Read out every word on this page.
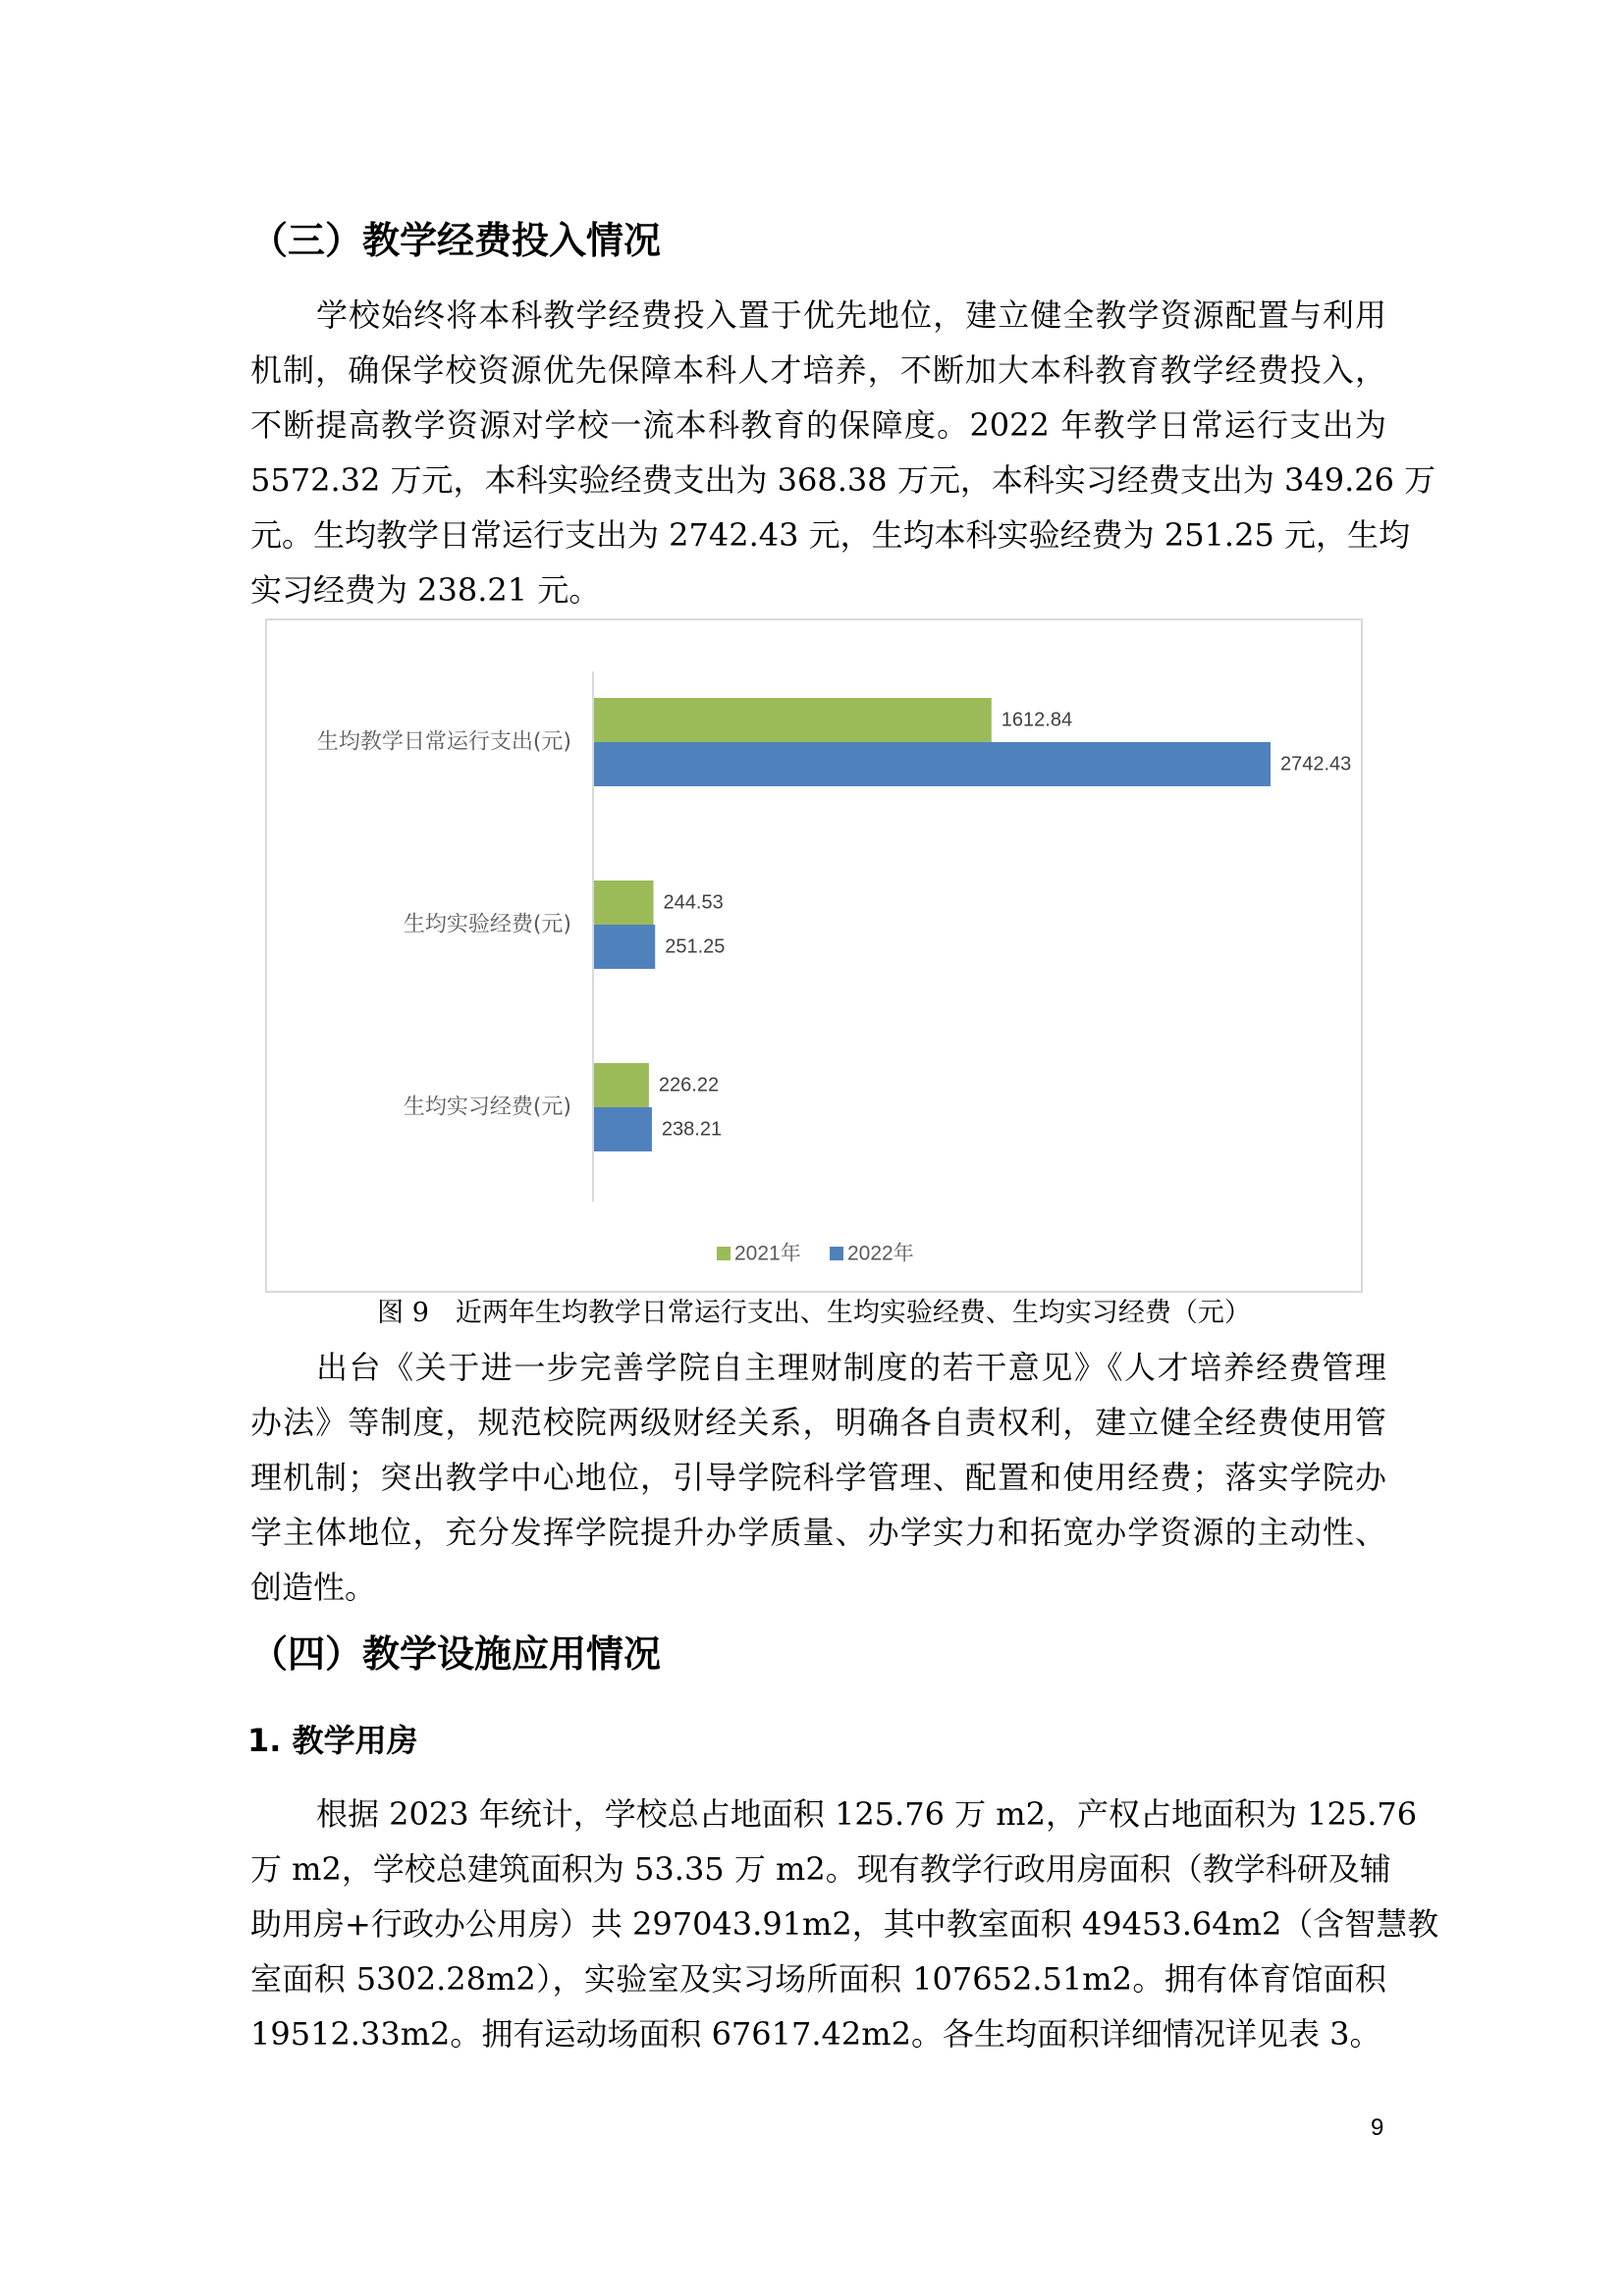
（三）教学经费投入情况
学校始终将本科教学经费投入置于优先地位，建立健全教学资源配置与利用
机制，确保学校资源优先保障本科人才培养，不断加大本科教育教学经费投入，
不断提高教学资源对学校一流本科教育的保障度。2022 年教学日常运行支出为
5572.32 万元，本科实验经费支出为 368.38 万元，本科实习经费支出为 349.26 万
元。生均教学日常运行支出为 2742.43 元，生均本科实验经费为 251.25 元，生均
实习经费为 238.21 元。
1612.84
2742.43
生均教学日常运行支出(元)
244.53
251.25
生均实验经费(元)
226.22
238.21
生均实习经费(元)
2021年 2022年
图 9　近两年生均教学日常运行支出、生均实验经费、生均实习经费（元）
出台《关于进一步完善学院自主理财制度的若干意见》《人才培养经费管理
办法》等制度，规范校院两级财经关系，明确各自责权利，建立健全经费使用管
理机制；突出教学中心地位，引导学院科学管理、配置和使用经费；落实学院办
学主体地位，充分发挥学院提升办学质量、办学实力和拓宽办学资源的主动性、
创造性。
（四）教学设施应用情况
1. 教学用房
根据 2023 年统计，学校总占地面积 125.76 万 m2，产权占地面积为 125.76
万 m2，学校总建筑面积为 53.35 万 m2。现有教学行政用房面积（教学科研及辅
助用房+行政办公用房）共 297043.91m2，其中教室面积 49453.64m2（含智慧教
室面积 5302.28m2），实验室及实习场所面积 107652.51m2。拥有体育馆面积
19512.33m2。拥有运动场面积 67617.42m2。各生均面积详细情况详见表 3。
9
